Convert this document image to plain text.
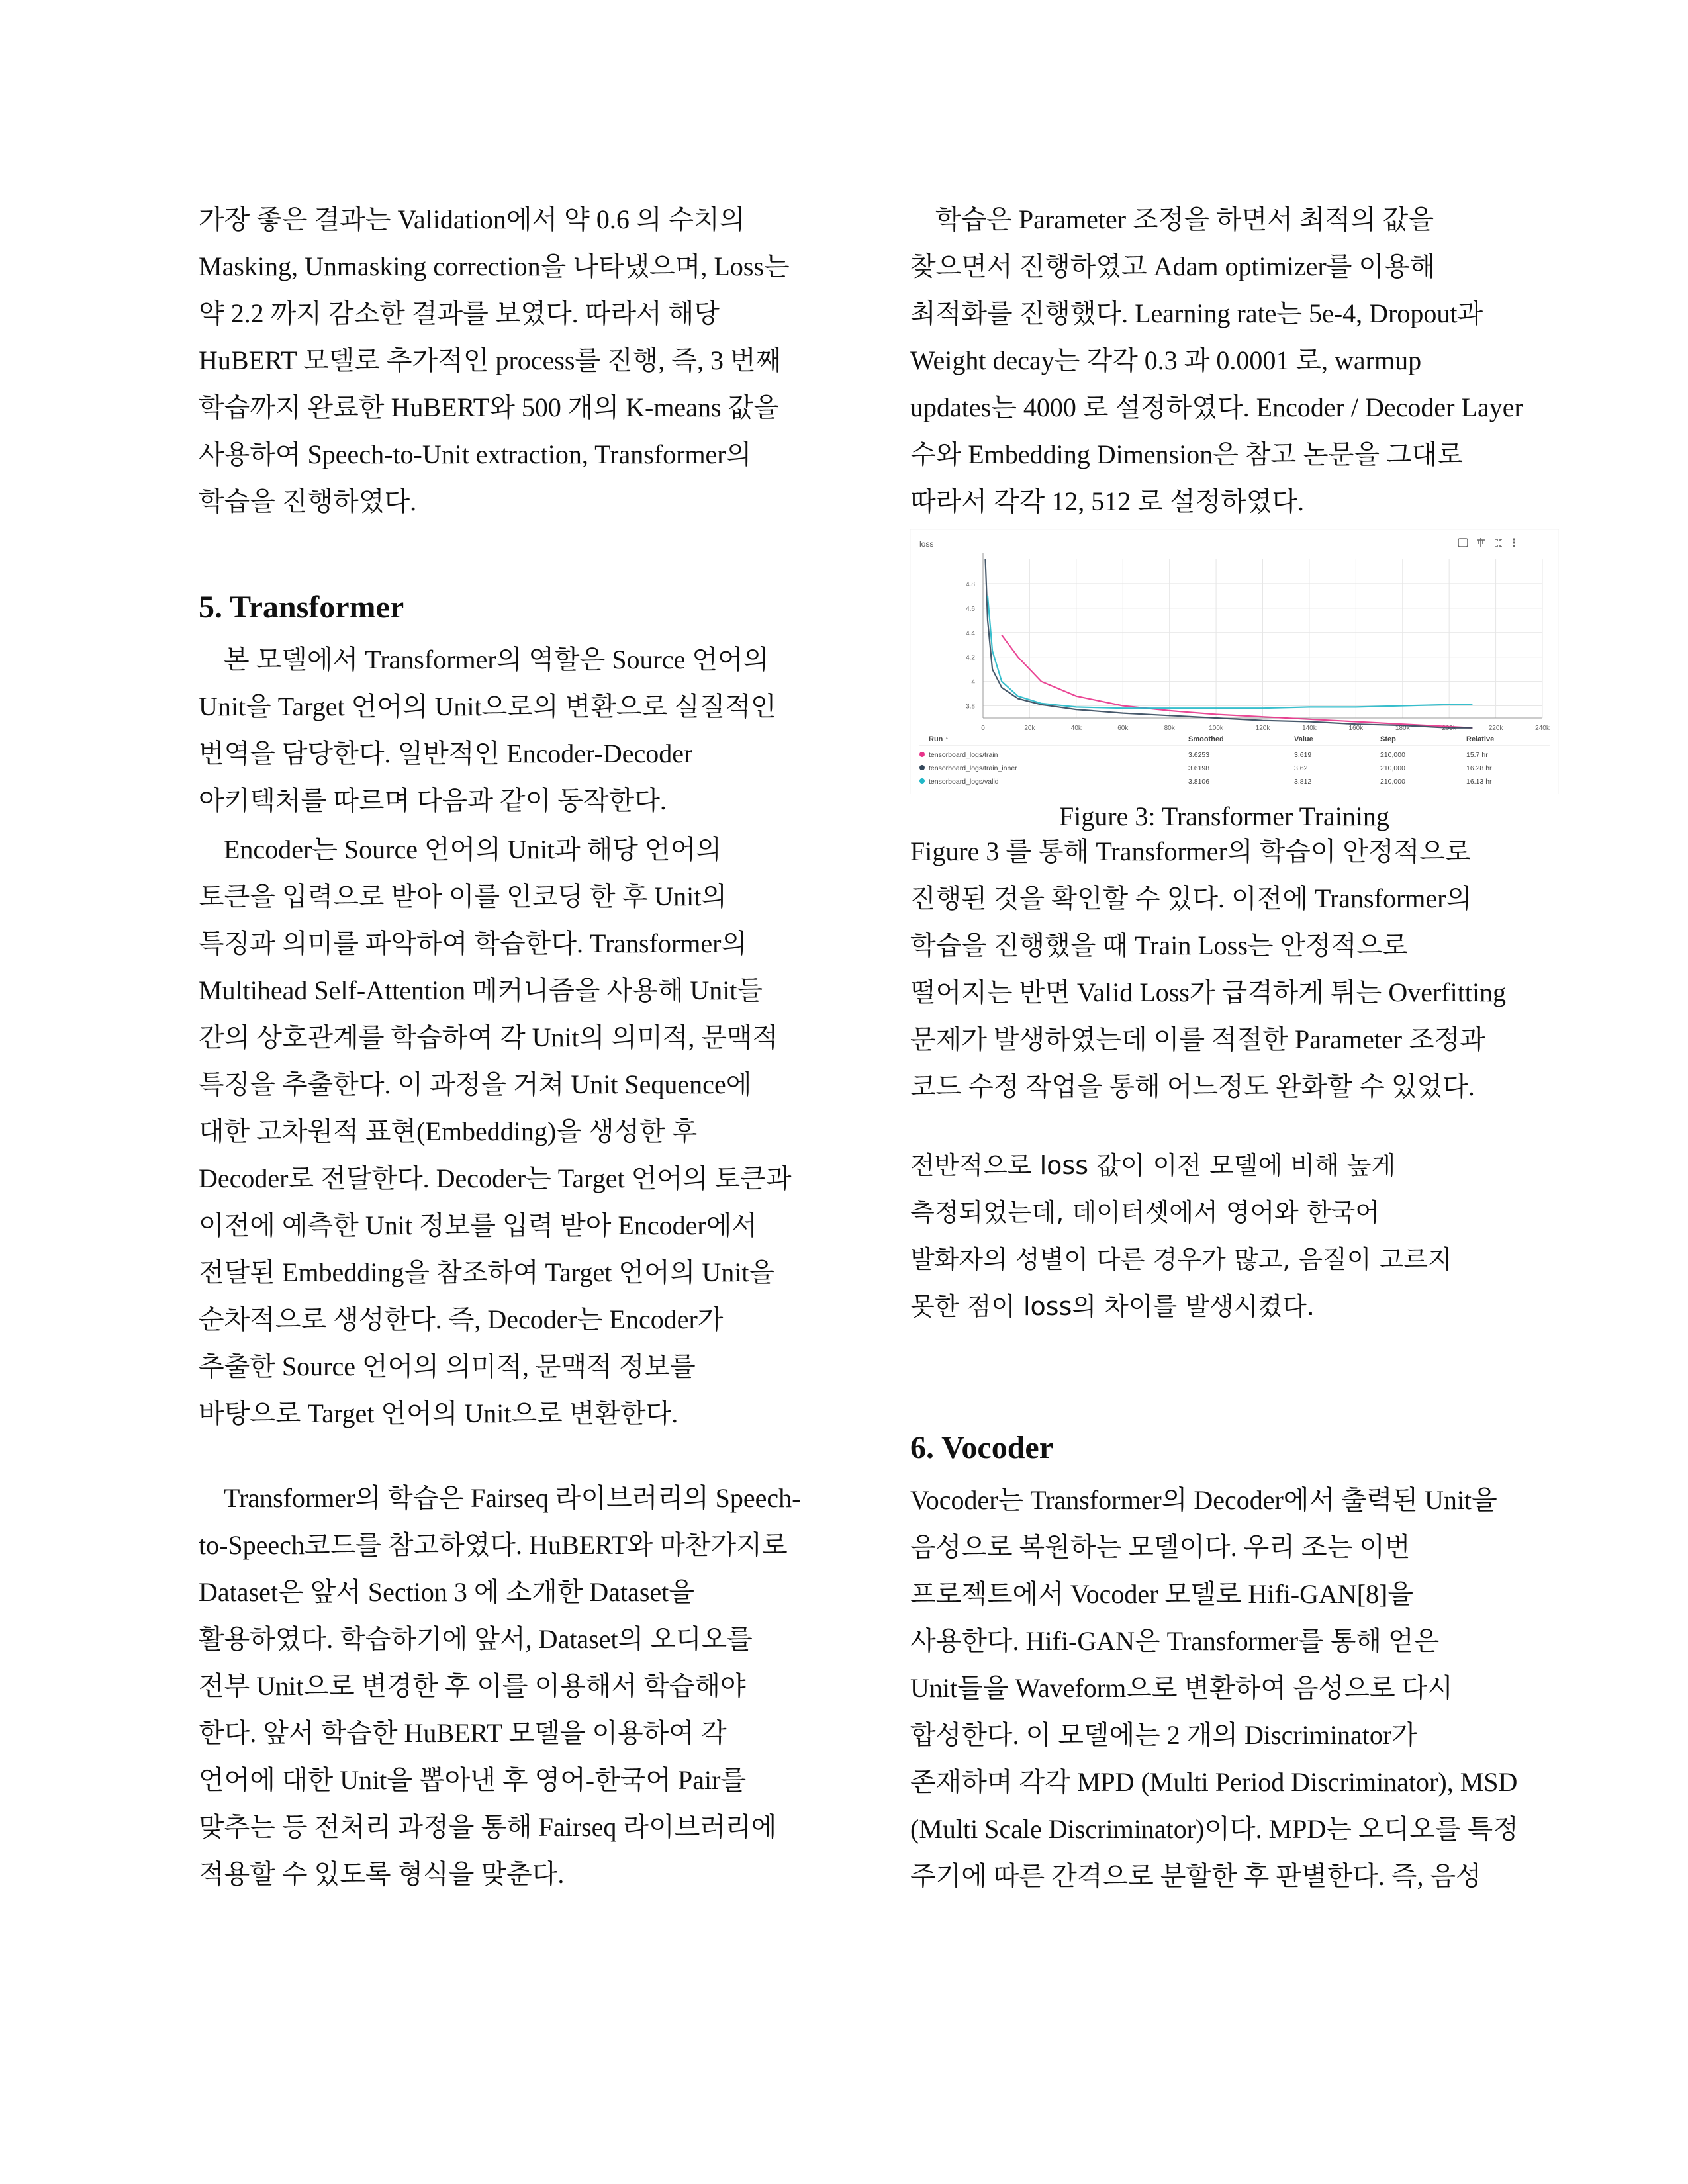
가장 좋은 결과는 Validation에서 약 0.6 의 수치의
Masking, Unmasking correction을 나타냈으며, Loss는
약 2.2 까지 감소한 결과를 보였다. 따라서 해당
HuBERT 모델로 추가적인 process를 진행, 즉, 3 번째
학습까지 완료한 HuBERT와 500 개의 K-means 값을
사용하여 Speech-to-Unit extraction, Transformer의
학습을 진행하였다.
5. Transformer
본 모델에서 Transformer의 역할은 Source 언어의
Unit을 Target 언어의 Unit으로의 변환으로 실질적인
번역을 담당한다. 일반적인 Encoder-Decoder
아키텍처를 따르며 다음과 같이 동작한다.
Encoder는 Source 언어의 Unit과 해당 언어의
토큰을 입력으로 받아 이를 인코딩 한 후 Unit의
특징과 의미를 파악하여 학습한다. Transformer의
Multihead Self-Attention 메커니즘을 사용해 Unit들
간의 상호관계를 학습하여 각 Unit의 의미적, 문맥적
특징을 추출한다. 이 과정을 거쳐 Unit Sequence에
대한 고차원적 표현(Embedding)을 생성한 후
Decoder로 전달한다. Decoder는 Target 언어의 토큰과
이전에 예측한 Unit 정보를 입력 받아 Encoder에서
전달된 Embedding을 참조하여 Target 언어의 Unit을
순차적으로 생성한다. 즉, Decoder는 Encoder가
추출한 Source 언어의 의미적, 문맥적 정보를
바탕으로 Target 언어의 Unit으로 변환한다.
Transformer의 학습은 Fairseq 라이브러리의 Speech-
to-Speech코드를 참고하였다. HuBERT와 마찬가지로
Dataset은 앞서 Section 3 에 소개한 Dataset을
활용하였다. 학습하기에 앞서, Dataset의 오디오를
전부 Unit으로 변경한 후 이를 이용해서 학습해야
한다. 앞서 학습한 HuBERT 모델을 이용하여 각
언어에 대한 Unit을 뽑아낸 후 영어-한국어 Pair를
맞추는 등 전처리 과정을 통해 Fairseq 라이브러리에
적용할 수 있도록 형식을 맞춘다.
학습은 Parameter 조정을 하면서 최적의 값을
찾으면서 진행하였고 Adam optimizer를 이용해
최적화를 진행했다. Learning rate는 5e-4, Dropout과
Weight decay는 각각 0.3 과 0.0001 로, warmup
updates는 4000 로 설정하였다. Encoder / Decoder Layer
수와 Embedding Dimension은 참고 논문을 그대로
따라서 각각 12, 512 로 설정하였다.
loss
3.8
4
4.2
4.4
4.6
4.8
0	20k	40k	60k	80k	100k	120k	140k	160k	180k	200k	220k	240k
Run ↑	Smoothed	Value	Step	Relative
tensorboard_logs/train	3.6253	3.619	210,000	15.7 hr
tensorboard_logs/train_inner	3.6198	3.62	210,000	16.28 hr
tensorboard_logs/valid	3.8106	3.812	210,000	16.13 hr
Figure 3: Transformer Training
Figure 3 를 통해 Transformer의 학습이 안정적으로
진행된 것을 확인할 수 있다. 이전에 Transformer의
학습을 진행했을 때 Train Loss는 안정적으로
떨어지는 반면 Valid Loss가 급격하게 튀는 Overfitting
문제가 발생하였는데 이를 적절한 Parameter 조정과
코드 수정 작업을 통해 어느정도 완화할 수 있었다.
전반적으로 loss 값이 이전 모델에 비해 높게
측정되었는데, 데이터셋에서 영어와 한국어
발화자의 성별이 다른 경우가 많고, 음질이 고르지
못한 점이 loss의 차이를 발생시켰다.
6. Vocoder
Vocoder는 Transformer의 Decoder에서 출력된 Unit을
음성으로 복원하는 모델이다. 우리 조는 이번
프로젝트에서 Vocoder 모델로 Hifi-GAN[8]을
사용한다. Hifi-GAN은 Transformer를 통해 얻은
Unit들을 Waveform으로 변환하여 음성으로 다시
합성한다. 이 모델에는 2 개의 Discriminator가
존재하며 각각 MPD (Multi Period Discriminator), MSD
(Multi Scale Discriminator)이다. MPD는 오디오를 특정
주기에 따른 간격으로 분할한 후 판별한다. 즉, 음성
